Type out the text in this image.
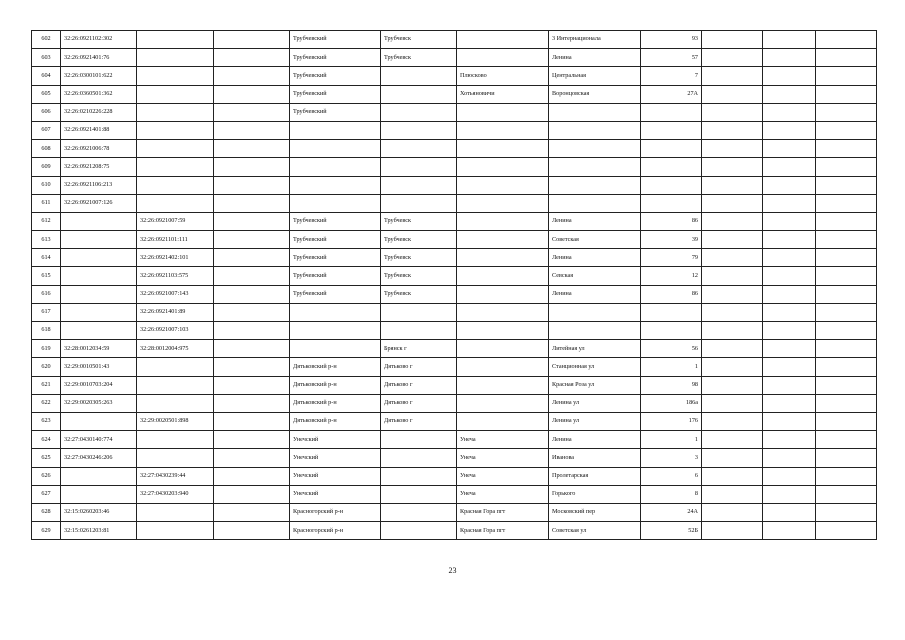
602	32:26:0921102:302			Трубчевский	Трубчевск		3 Интернационала	93			
603	32:26:0921401:76			Трубчевский	Трубчевск		Ленина	57			
604	32:26:0300101:622			Трубчевский		Плюсково	Центральная	7			
605	32:26:0360501:362			Трубчевский		Хотьяновичи	Воронцовская	27А			
606	32:26:0210226:228			Трубчевский							
607	32:26:0921401:88										
608	32:26:0921006:78										
609	32:26:0921208:75										
610	32:26:0921106:213										
611	32:26:0921007:126										
612		32:26:0921007:59		Трубчевский	Трубчевск		Ленина	86			
613		32:26:0921101:111		Трубчевский	Трубчевск		Советская	39			
614		32:26:0921402:101		Трубчевский	Трубчевск		Ленина	79			
615		32:26:0921103:575		Трубчевский	Трубчевск		Севская	12			
616		32:26:0921007:143		Трубчевский	Трубчевск		Ленина	86			
617		32:26:0921401:89									
618		32:26:0921007:103									
619	32:28:0012034:59	32:28:0012004:975			Брянск г		Литейная ул	56			
620	32:29:0010501:43			Дятьковский р-н	Дятьково г		Станционная ул	1			
621	32:29:0010703:204			Дятьковский р-н	Дятьково г		Красная Роза ул	98			
622	32:29:0020305:263			Дятьковский р-н	Дятьково г		Ленина ул	186а			
623		32:29:0020501:898		Дятьковский р-н	Дятьково г		Ленина ул	176			
624	32:27:0430140:774			Унечский		Унеча	Ленина	1			
625	32:27:0430246:206			Унечский		Унеча	Иванова	3			
626		32:27:0430239:44		Унечский		Унеча	Пролетарская	6			
627		32:27:0430203:940		Унечский		Унеча	Горького	8			
628	32:15:0260203:46			Красногорский р-н		Красная Гора пгт	Московский пер	24А			
629	32:15:0261203:81			Красногорский р-н		Красная Гора пгт	Советская ул	52Б			
23
